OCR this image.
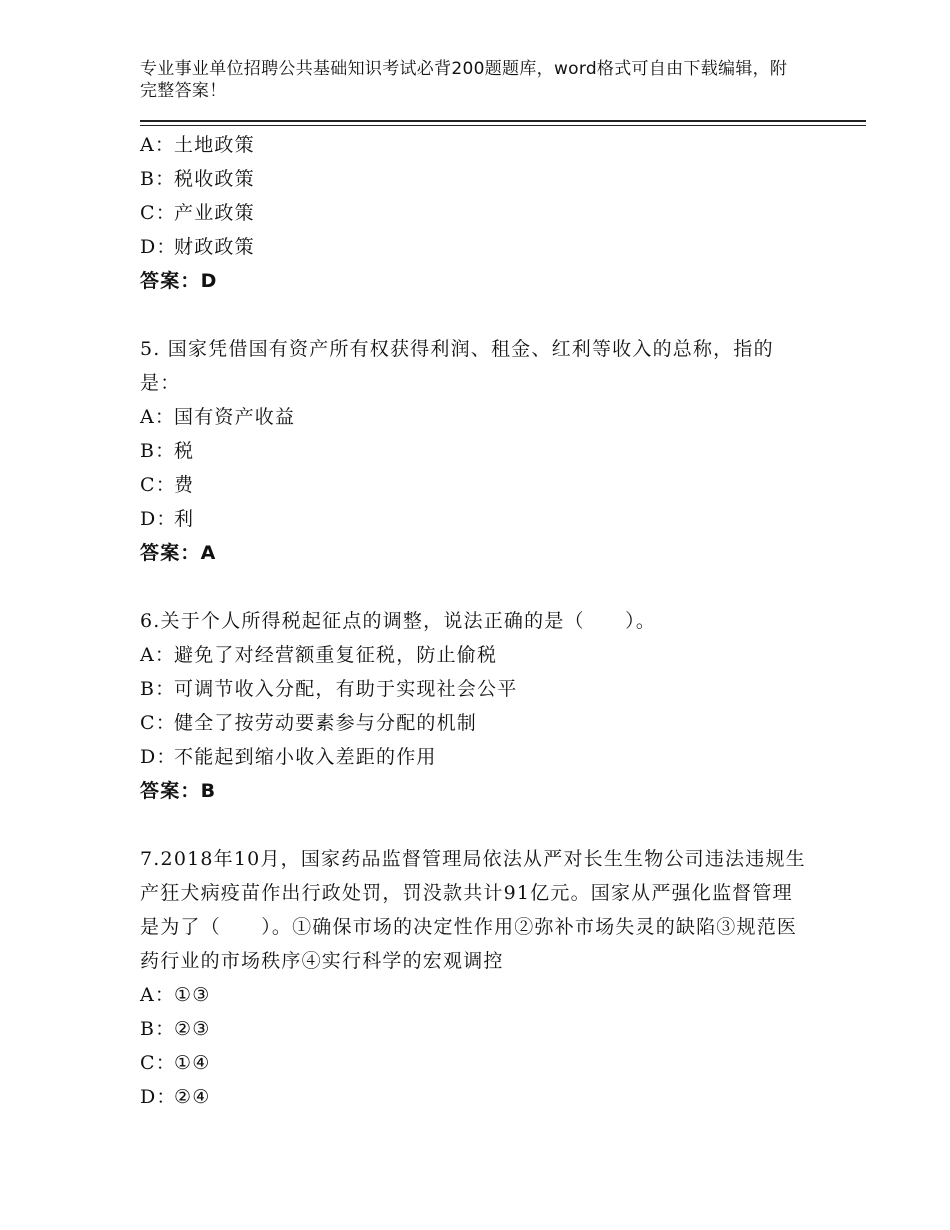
专业事业单位招聘公共基础知识考试必背200题题库，word格式可自由下载编辑，附完整答案！
A：土地政策
B：税收政策
C：产业政策
D：财政政策
答案：D
5. 国家凭借国有资产所有权获得利润、租金、红利等收入的总称，指的是：
A：国有资产收益
B：税
C：费
D：利
答案：A
6.关于个人所得税起征点的调整，说法正确的是（　　）。
A：避免了对经营额重复征税，防止偷税
B：可调节收入分配，有助于实现社会公平
C：健全了按劳动要素参与分配的机制
D：不能起到缩小收入差距的作用
答案：B
7.2018年10月，国家药品监督管理局依法从严对长生生物公司违法违规生产狂犬病疫苗作出行政处罚，罚没款共计91亿元。国家从严强化监督管理是为了（　　）。①确保市场的决定性作用②弥补市场失灵的缺陷③规范医药行业的市场秩序④实行科学的宏观调控
A：①③
B：②③
C：①④
D：②④
